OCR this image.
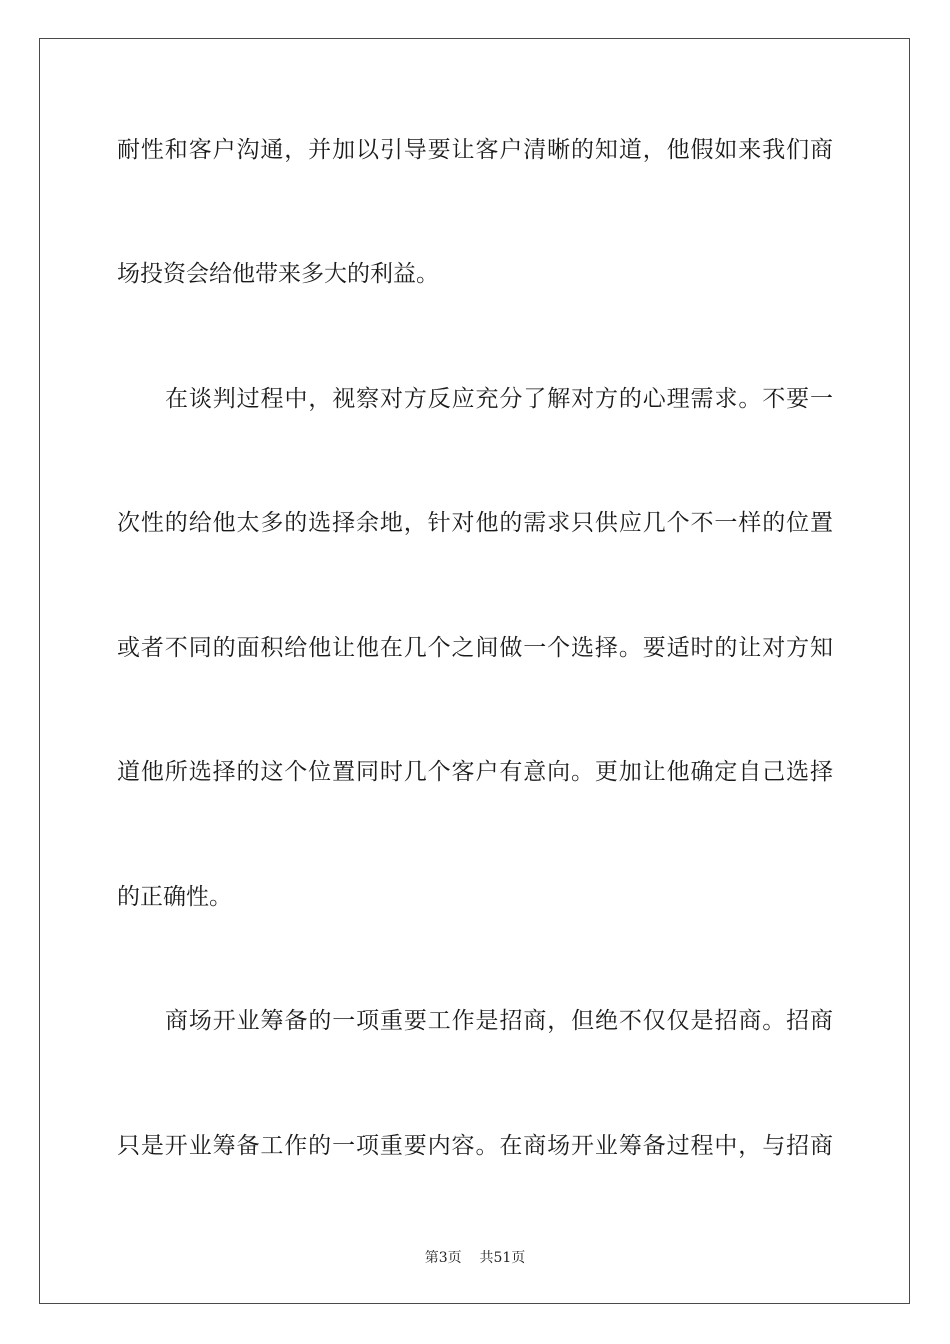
耐性和客户沟通，并加以引导要让客户清晰的知道，他假如来我们商
场投资会给他带来多大的利益。
在谈判过程中，视察对方反应充分了解对方的心理需求。不要一
次性的给他太多的选择余地，针对他的需求只供应几个不一样的位置
或者不同的面积给他让他在几个之间做一个选择。要适时的让对方知
道他所选择的这个位置同时几个客户有意向。更加让他确定自己选择
的正确性。
商场开业筹备的一项重要工作是招商，但绝不仅仅是招商。招商
只是开业筹备工作的一项重要内容。在商场开业筹备过程中，与招商
第3页 共51页
